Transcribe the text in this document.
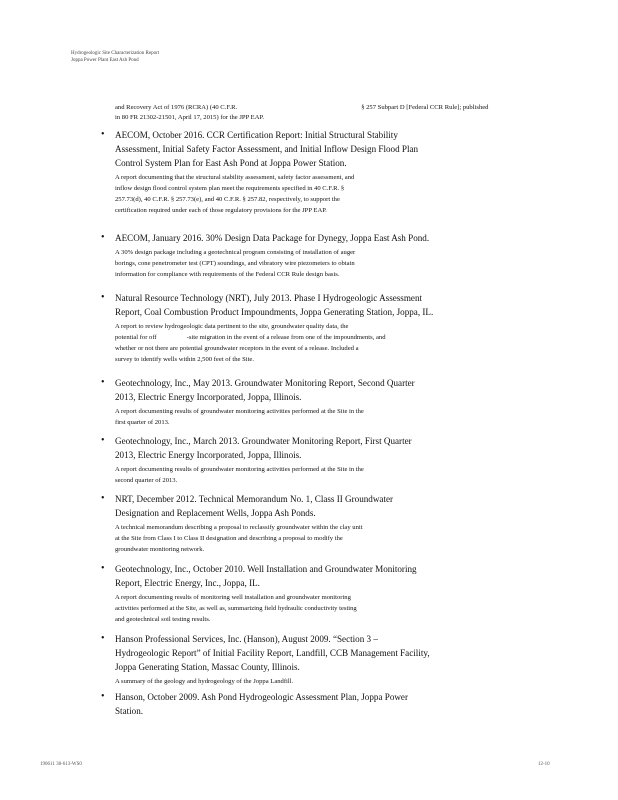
Hydrogeologic Site Characterization Report
Joppa Power Plant East Ash Pond
and Recovery Act of 1976 (RCRA) (40 C.F.R.	§ 257 Subpart D [Federal CCR Rule]; published
in 80 FR 21302-21501, April 17, 2015) for the JPP EAP.
• AECOM, October 2016. CCR Certification Report: Initial Structural Stability
Assessment, Initial Safety Factor Assessment, and Initial Inflow Design Flood Plan
Control System Plan for East Ash Pond at Joppa Power Station.
A report documenting that the structural stability assessment, safety factor assessment, and
inflow design flood control system plan meet the requirements specified in 40 C.F.R. §
257.73(d), 40 C.F.R. § 257.73(e), and 40 C.F.R. § 257.82, respectively, to support the
certification required under each of those regulatory provisions for the JPP EAP.
• AECOM, January 2016. 30% Design Data Package for Dynegy, Joppa East Ash Pond.
A 30% design package including a geotechnical program consisting of installation of auger
borings, cone penetrometer test (CPT) soundings, and vibratory wire piezometers to obtain
information for compliance with requirements of the Federal CCR Rule design basis.
• Natural Resource Technology (NRT), July 2013. Phase I Hydrogeologic Assessment
Report, Coal Combustion Product Impoundments, Joppa Generating Station, Joppa, IL.
A report to review hydrogeologic data pertinent to the site, groundwater quality data, the
potential for off	-site migration in the event of a release from one of the impoundments, and
whether or not there are potential groundwater receptors in the event of a release. Included a
survey to identify wells within 2,500 feet of the Site.
• Geotechnology, Inc., May 2013. Groundwater Monitoring Report, Second Quarter
2013, Electric Energy Incorporated, Joppa, Illinois.
A report documenting results of groundwater monitoring activities performed at the Site in the
first quarter of 2013.
• Geotechnology, Inc., March 2013. Groundwater Monitoring Report, First Quarter
2013, Electric Energy Incorporated, Joppa, Illinois.
A report documenting results of groundwater monitoring activities performed at the Site in the
second quarter of 2013.
• NRT, December 2012. Technical Memorandum No. 1, Class II Groundwater
Designation and Replacement Wells, Joppa Ash Ponds.
A technical memorandum describing a proposal to reclassify groundwater within the clay unit
at the Site from Class I to Class II designation and describing a proposal to modify the
groundwater monitoring network.
• Geotechnology, Inc., October 2010. Well Installation and Groundwater Monitoring
Report, Electric Energy, Inc., Joppa, IL.
A report documenting results of monitoring well installation and groundwater monitoring
activities performed at the Site, as well as, summarizing field hydraulic conductivity testing
and geotechnical soil testing results.
• Hanson Professional Services, Inc. (Hanson), August 2009. “Section 3 –
Hydrogeologic Report” of Initial Facility Report, Landfill, CCB Management Facility,
Joppa Generating Station, Massac County, Illinois.
A summary of the geology and hydrogeology of the Joppa Landfill.
• Hanson, October 2009. Ash Pond Hydrogeologic Assessment Plan, Joppa Power
Station.
190611 38-613-WS0	12-10
